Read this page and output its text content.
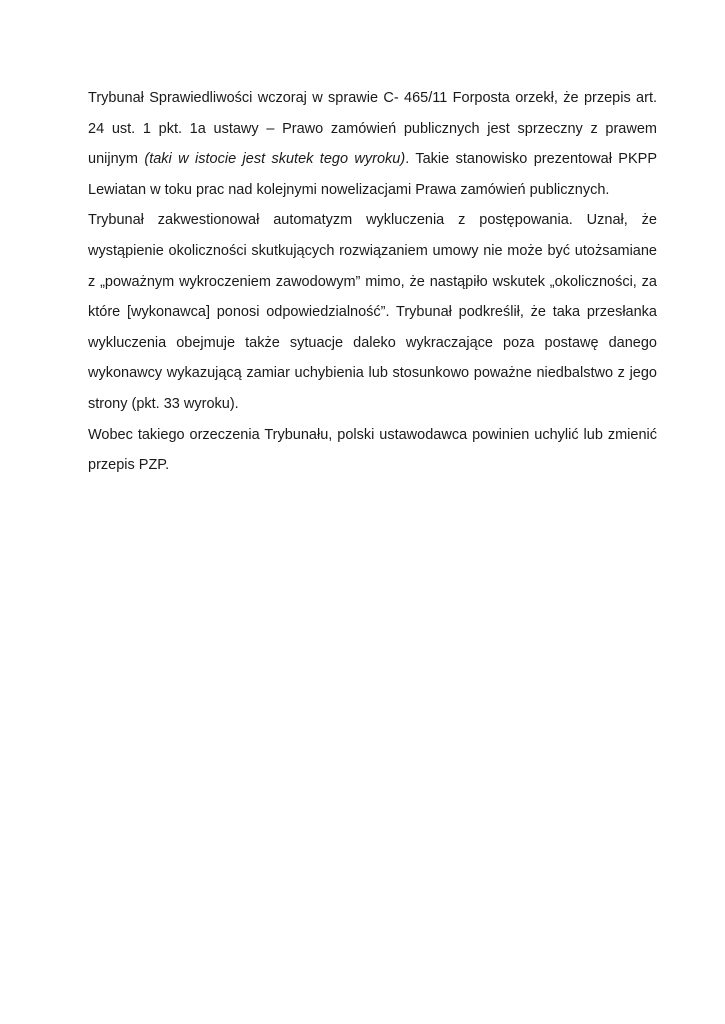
Trybunał Sprawiedliwości wczoraj w sprawie C- 465/11 Forposta orzekł, że przepis art. 24 ust. 1 pkt. 1a ustawy – Prawo zamówień publicznych jest sprzeczny z prawem unijnym (taki w istocie jest skutek tego wyroku). Takie stanowisko prezentował PKPP Lewiatan w toku prac nad kolejnymi nowelizacjami Prawa zamówień publicznych.

Trybunał zakwestionował automatyzm wykluczenia z postępowania. Uznał, że wystąpienie okoliczności skutkujących rozwiązaniem umowy nie może być utożsamiane z „poważnym wykroczeniem zawodowym” mimo, że nastąpiło wskutek „okoliczności, za które [wykonawca] ponosi odpowiedzialność”. Trybunał podkreślił, że taka przesłanka wykluczenia obejmuje także sytuacje daleko wykraczające poza postawę danego wykonawcy wykazującą zamiar uchybienia lub stosunkowo poważne niedbalstwo z jego strony (pkt. 33 wyroku).

Wobec takiego orzeczenia Trybunału, polski ustawodawca powinien uchylić lub zmienić przepis PZP.
